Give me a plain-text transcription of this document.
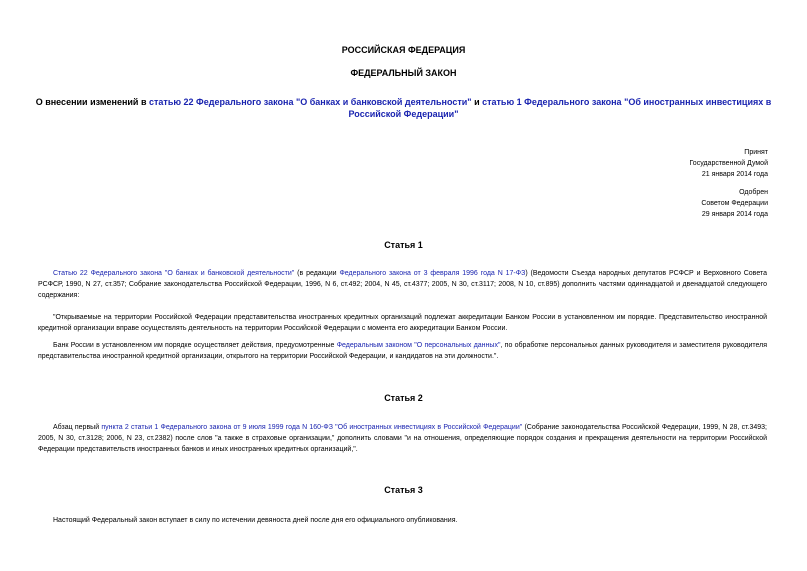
РОССИЙСКАЯ ФЕДЕРАЦИЯ
ФЕДЕРАЛЬНЫЙ ЗАКОН
О внесении изменений в статью 22 Федерального закона "О банках и банковской деятельности" и статью 1 Федерального закона "Об иностранных инвестициях в Российской Федерации"
Принят
Государственной Думой
21 января 2014 года
Одобрен
Советом Федерации
29 января 2014 года
Статья 1
Статью 22 Федерального закона "О банках и банковской деятельности" (в редакции Федерального закона от 3 февраля 1996 года N 17-ФЗ) (Ведомости Съезда народных депутатов РСФСР и Верховного Совета РСФСР, 1990, N 27, ст.357; Собрание законодательства Российской Федерации, 1996, N 6, ст.492; 2004, N 45, ст.4377; 2005, N 30, ст.3117; 2008, N 10, ст.895) дополнить частями одиннадцатой и двенадцатой следующего содержания:
"Открываемые на территории Российской Федерации представительства иностранных кредитных организаций подлежат аккредитации Банком России в установленном им порядке. Представительство иностранной кредитной организации вправе осуществлять деятельность на территории Российской Федерации с момента его аккредитации Банком России.
Банк России в установленном им порядке осуществляет действия, предусмотренные Федеральным законом "О персональных данных", по обработке персональных данных руководителя и заместителя руководителя представительства иностранной кредитной организации, открытого на территории Российской Федерации, и кандидатов на эти должности.".
Статья 2
Абзац первый пункта 2 статьи 1 Федерального закона от 9 июля 1999 года N 160-ФЗ "Об иностранных инвестициях в Российской Федерации" (Собрание законодательства Российской Федерации, 1999, N 28, ст.3493; 2005, N 30, ст.3128; 2006, N 23, ст.2382) после слов "а также в страховые организации," дополнить словами "и на отношения, определяющие порядок создания и прекращения деятельности на территории Российской Федерации представительств иностранных банков и иных иностранных кредитных организаций,".
Статья 3
Настоящий Федеральный закон вступает в силу по истечении девяноста дней после дня его официального опубликования.
